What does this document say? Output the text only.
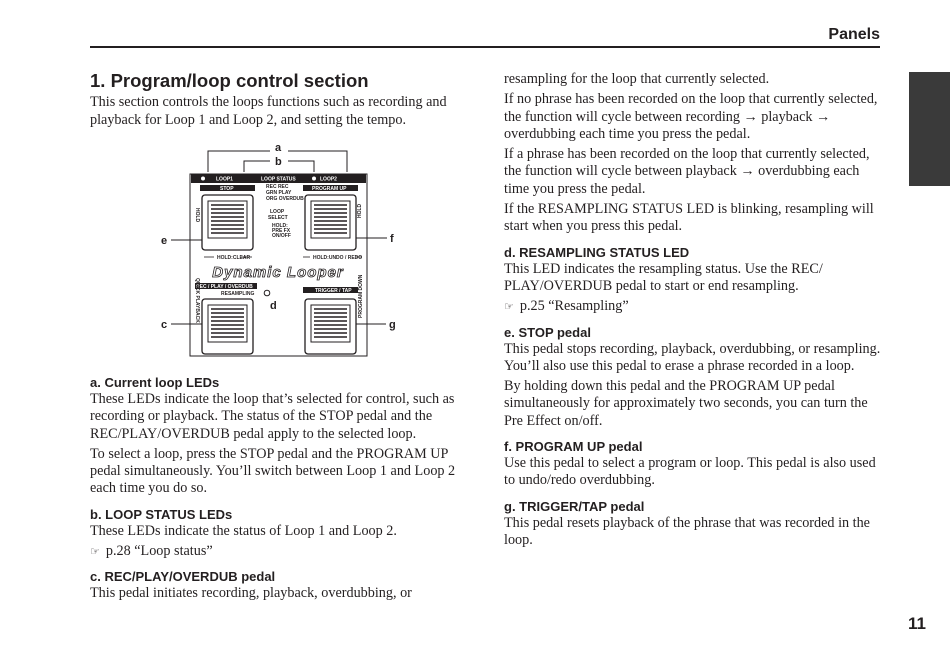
Panels
1. Program/loop control section

This section controls the loops functions such as recording and playback for Loop 1 and Loop 2, and setting the tempo.

a
b
LOOP1	LOOP STATUS	LOOP2
STOP	PROGRAM UP
REC REC
GRN PLAY
ORG OVERDUB
LOOP
SELECT
HOLD:
PRE FX
ON/OFF
HOLD	HOLD
HOLD:CLEAR	HOLD:UNDO / REDO
Dynamic Looper
REC / PLAY / OVERDUB
RESAMPLING	TRIGGER / TAP
QUICK PLAYBACK	PROGRAM DOWN
e	f
c	g
d
a. Current loop LEDs

These LEDs indicate the loop that’s selected for control, such as recording or playback. The status of the STOP pedal and the REC/PLAY/OVERDUB pedal apply to the selected loop.

To select a loop, press the STOP pedal and the PROGRAM UP pedal simultaneously. You’ll switch between Loop 1 and Loop 2 each time you do so.

b. LOOP STATUS LEDs

These LEDs indicate the status of Loop 1 and Loop 2.

☞ p.28 “Loop status”

c. REC/PLAY/OVERDUB pedal

This pedal initiates recording, playback, overdubbing, or

resampling for the loop that currently selected.

If no phrase has been recorded on the loop that currently selected, the function will cycle between recording → playback → overdubbing each time you press the pedal.

If a phrase has been recorded on the loop that currently selected, the function will cycle between playback → overdubbing each time you press the pedal.

If the RESAMPLING STATUS LED is blinking, resampling will start when you press this pedal.

d. RESAMPLING STATUS LED

This LED indicates the resampling status. Use the REC/ PLAY/OVERDUB pedal to start or end resampling.

☞ p.25 “Resampling”

e. STOP pedal

This pedal stops recording, playback, overdubbing, or resampling. You’ll also use this pedal to erase a phrase recorded in a loop.

By holding down this pedal and the PROGRAM UP pedal simultaneously for approximately two seconds, you can turn the Pre Effect on/off.

f. PROGRAM UP pedal

Use this pedal to select a program or loop. This pedal is also used to undo/redo overdubbing.

g. TRIGGER/TAP pedal

This pedal resets playback of the phrase that was recorded in the loop.

11
